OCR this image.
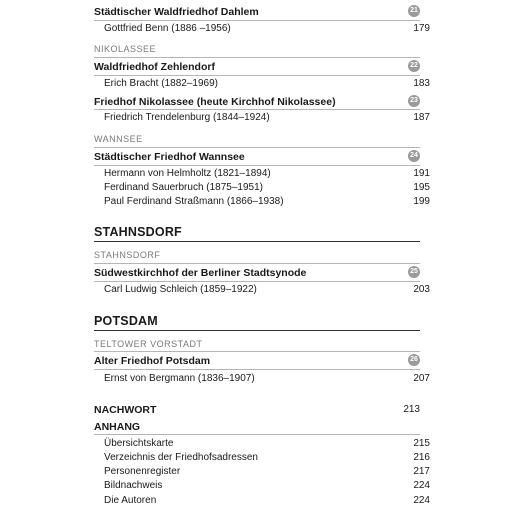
Städtischer Waldfriedhof Dahlem	21
Gottfried Benn (1886 –1956)	179
NIKOLASSEE
Waldfriedhof Zehlendorf	22
Erich Bracht (1882–1969)	183
Friedhof Nikolassee (heute Kirchhof Nikolassee)	23
Friedrich Trendelenburg (1844–1924)	187
WANNSEE
Städtischer Friedhof Wannsee	24
Hermann von Helmholtz (1821–1894)	191
Ferdinand Sauerbruch (1875–1951)	195
Paul Ferdinand Straßmann (1866–1938)	199
STAHNSDORF
STAHNSDORF
Südwestkirchhof der Berliner Stadtsynode	25
Carl Ludwig Schleich (1859–1922)	203
POTSDAM
TELTOWER VORSTADT
Alter Friedhof Potsdam	26
Ernst von Bergmann (1836–1907)	207
NACHWORT	213
ANHANG
Übersichtskarte	215
Verzeichnis der Friedhofsadressen	216
Personenregister	217
Bildnachweis	224
Die Autoren	224
